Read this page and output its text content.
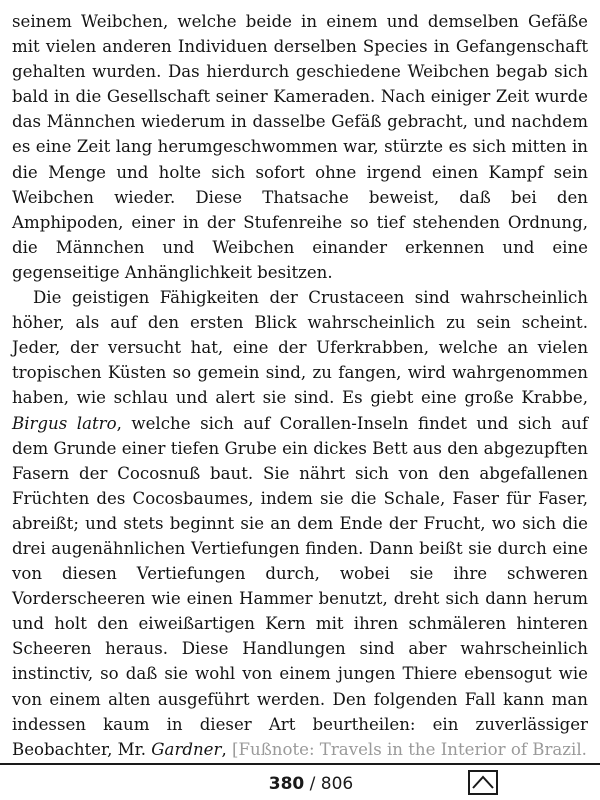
seinem Weibchen, welche beide in einem und demselben Gefäße mit vielen anderen Individuen derselben Species in Gefangenschaft gehalten wurden. Das hierdurch geschiedene Weibchen begab sich bald in die Gesellschaft seiner Kameraden. Nach einiger Zeit wurde das Männchen wiederum in dasselbe Gefäß gebracht, und nachdem es eine Zeit lang herumgeschwommen war, stürzte es sich mitten in die Menge und holte sich sofort ohne irgend einen Kampf sein Weibchen wieder. Diese Thatsache beweist, daß bei den Amphipoden, einer in der Stufenreihe so tief stehenden Ordnung, die Männchen und Weibchen einander erkennen und eine gegenseitige Anhänglichkeit besitzen.

Die geistigen Fähigkeiten der Crustaceen sind wahrscheinlich höher, als auf den ersten Blick wahrscheinlich zu sein scheint. Jeder, der versucht hat, eine der Uferkrabben, welche an vielen tropischen Küsten so gemein sind, zu fangen, wird wahrgenommen haben, wie schlau und alert sie sind. Es giebt eine große Krabbe, Birgus latro, welche sich auf Corallen-Inseln findet und sich auf dem Grunde einer tiefen Grube ein dickes Bett aus den abgezupften Fasern der Cocosnuß baut. Sie nährt sich von den abgefallenen Früchten des Cocosbaumes, indem sie die Schale, Faser für Faser, abreißt; und stets beginnt sie an dem Ende der Frucht, wo sich die drei augenähnlichen Vertiefungen finden. Dann beißt sie durch eine von diesen Vertiefungen durch, wobei sie ihre schweren Vorderscheeren wie einen Hammer benutzt, dreht sich dann herum und holt den eiweißartigen Kern mit ihren schmäleren hinteren Scheeren heraus. Diese Handlungen sind aber wahrscheinlich instinctiv, so daß sie wohl von einem jungen Thiere ebensogut wie von einem alten ausgeführt werden. Den folgenden Fall kann man indessen kaum in dieser Art beurtheilen: ein zuverlässiger Beobachter, Mr. Gardner, [Fußnote: Travels in the Interior of Brazil.

380 / 806
